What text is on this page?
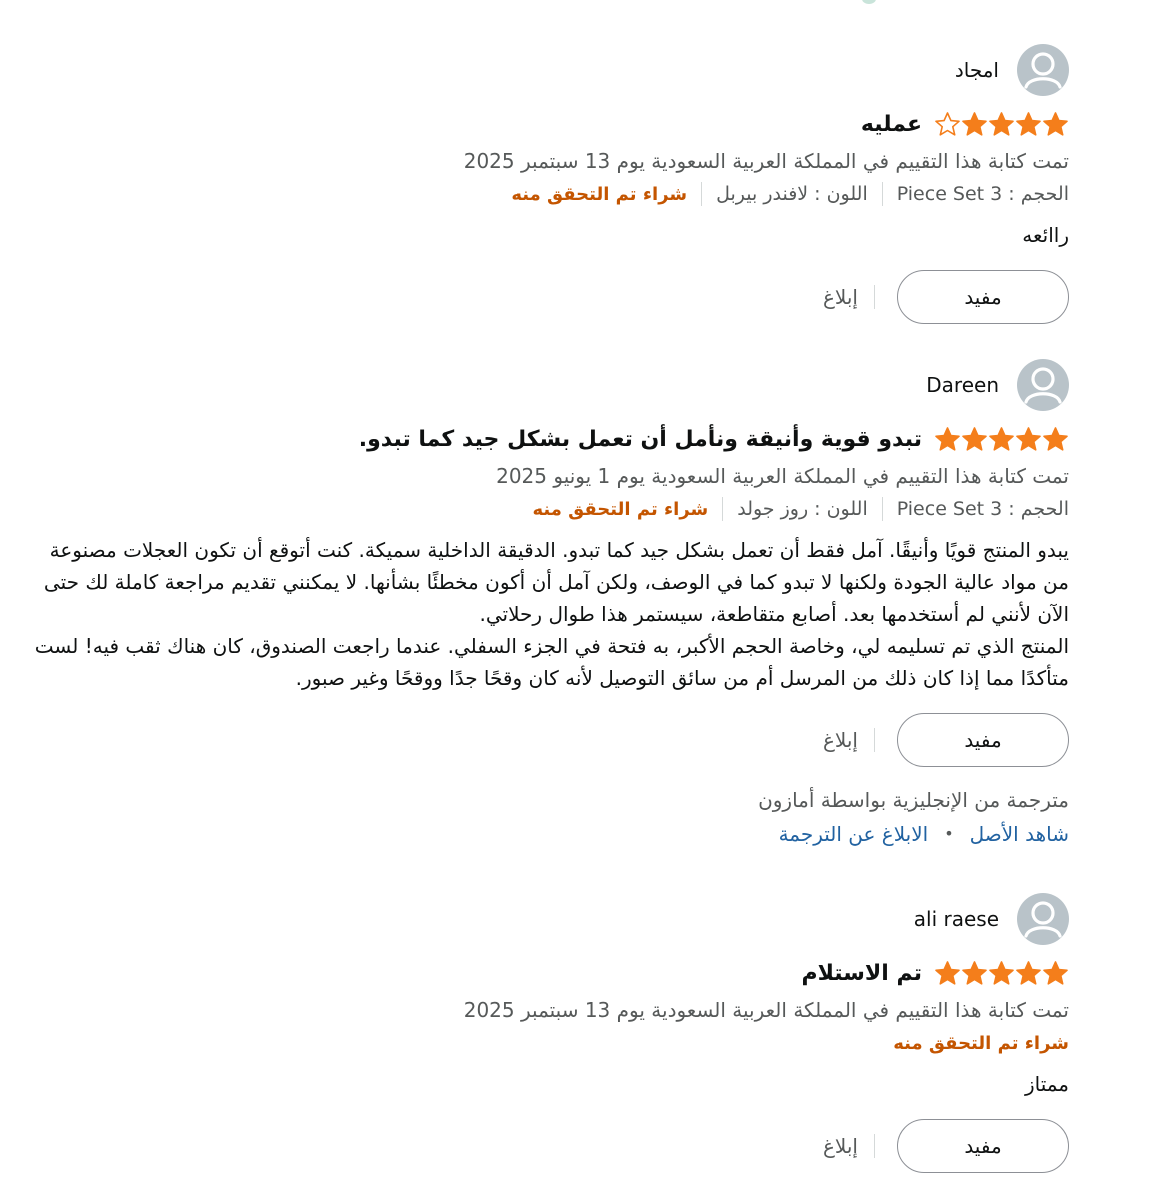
امجاد
عمليه
تمت كتابة هذا التقييم في المملكة العربية السعودية يوم 13 سبتمبر 2025
الحجم : 3 Piece Set
اللون : لافندر بيربل
شراء تم التحقق منه
راائعه
مفيد
إبلاغ
Dareen
تبدو قوية وأنيقة ونأمل أن تعمل بشكل جيد كما تبدو.
تمت كتابة هذا التقييم في المملكة العربية السعودية يوم 1 يونيو 2025
الحجم : 3 Piece Set
اللون : روز جولد
شراء تم التحقق منه
يبدو المنتج قويًا وأنيقًا. آمل فقط أن تعمل بشكل جيد كما تبدو. الدقيقة الداخلية سميكة. كنت أتوقع أن تكون العجلات مصنوعة من مواد عالية الجودة ولكنها لا تبدو كما في الوصف، ولكن آمل أن أكون مخطئًا بشأنها. لا يمكنني تقديم مراجعة كاملة لك حتى الآن لأنني لم أستخدمها بعد. أصابع متقاطعة، سيستمر هذا طوال رحلاتي.
المنتج الذي تم تسليمه لي، وخاصة الحجم الأكبر، به فتحة في الجزء السفلي. عندما راجعت الصندوق، كان هناك ثقب فيه! لست متأكدًا مما إذا كان ذلك من المرسل أم من سائق التوصيل لأنه كان وقحًا جدًا ووقحًا وغير صبور.
مفيد
إبلاغ
مترجمة من الإنجليزية بواسطة أمازون
شاهد الأصل
•
الابلاغ عن الترجمة
ali raese
تم الاستلام
تمت كتابة هذا التقييم في المملكة العربية السعودية يوم 13 سبتمبر 2025
شراء تم التحقق منه
ممتاز
مفيد
إبلاغ
